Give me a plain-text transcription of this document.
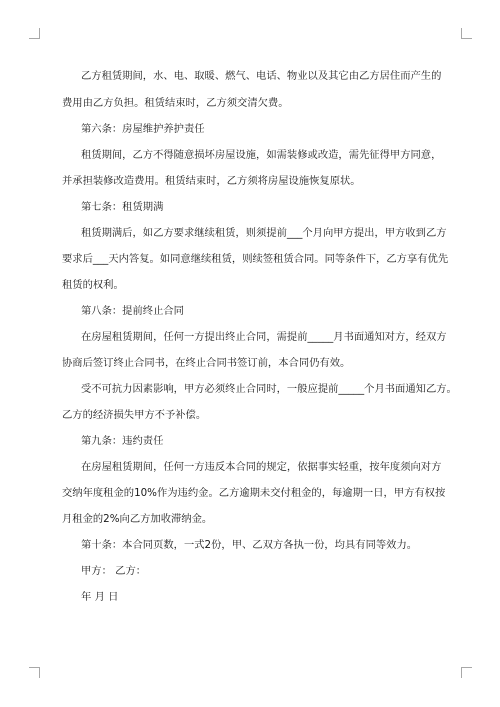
乙方租赁期间，水、电、取暖、燃气、电话、物业以及其它由乙方居住而产生的
费用由乙方负担。租赁结束时，乙方须交清欠费。
第六条：房屋维护养护责任
租赁期间，乙方不得随意损坏房屋设施，如需装修或改造，需先征得甲方同意，
并承担装修改造费用。租赁结束时，乙方须将房屋设施恢复原状。
第七条：租赁期满
租赁期满后，如乙方要求继续租赁，则须提前___个月向甲方提出，甲方收到乙方
要求后___天内答复。如同意继续租赁，则续签租赁合同。同等条件下，乙方享有优先
租赁的权利。
第八条：提前终止合同
在房屋租赁期间，任何一方提出终止合同，需提前_____月书面通知对方，经双方
协商后签订终止合同书，在终止合同书签订前，本合同仍有效。
受不可抗力因素影响，甲方必须终止合同时，一般应提前_____个月书面通知乙方。
乙方的经济损失甲方不予补偿。
第九条：违约责任
在房屋租赁期间，任何一方违反本合同的规定，依据事实轻重，按年度须向对方
交纳年度租金的10%作为违约金。乙方逾期未交付租金的，每逾期一日，甲方有权按
月租金的2%向乙方加收滞纳金。
第十条：本合同页数，一式2份，甲、乙双方各执一份，均具有同等效力。
甲方： 乙方：
年 月 日
